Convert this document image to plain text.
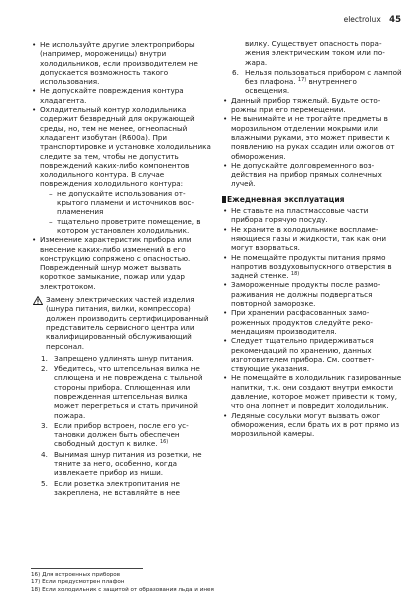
electrolux 45
• Не используйте другие электроприборы (например, мороженицы) внутри холодильников, если производителем не допускается возможность такого использования.
• Не допускайте повреждения контура хладагента.
• Охладительный контур холодильника содержит безвредный для окружающей среды, но, тем не менее, огнеопасный хладагент изобутан (R600a). При транспортировке и установке холодильника следите за тем, чтобы не допустить повреждений каких-либо компонентов холодильного контура. В случае повреждения холодильного контура:
– не допускайте использования открытого пламени и источников воспламенения
– тщательно проветрите помещение, в котором установлен холодильник.
• Изменение характеристик прибора или внесение каких-либо изменений в его конструкцию сопряжено с опасностью. Поврежденный шнур может вызвать короткое замыкание, пожар или удар электротоком.
Замену электрических частей изделия (шнура питания, вилки, компрессора) должен производить сертифицированный представитель сервисного центра или квалифицированный обслуживающий персонал.
1. Запрещено удлинять шнур питания.
2. Убедитесь, что штепсельная вилка не сплющена и не повреждена с тыльной стороны прибора. Сплющенная или поврежденная штепсельная вилка может перегреться и стать причиной пожара.
3. Если прибор встроен, после его установки должен быть обеспечен свободный доступ к вилке. $^{16)}$
4. Вынимая шнур питания из розетки, не тяните за него, особенно, когда извлекаете прибор из ниши.
5. Если розетка электропитания не закреплена, не вставляйте в нее

вилку. Существует опасность поражения электрическим током или пожара.

6. Нельзя пользоваться прибором с лампой без плафона. $^{17)}$ внутреннего освещения.
• Данный прибор тяжелый. Будьте осторожны при его перемещении.
• Не вынимайте и не трогайте предметы в морозильном отделении мокрыми или влажными руками, это может привести к появлению на руках ссадин или ожогов от обморожения.
• Не допускайте долговременного воздействия на прибор прямых солнечных лучей.
Ежедневная эксплуатация
• Не ставьте на пластмассовые части прибора горячую посуду.
• Не храните в холодильнике воспламеняющиеся газы и жидкости, так как они могут взорваться.
• Не помещайте продукты питания прямо напротив воздуховыпускного отверстия в задней стенке. $^{18)}$
• Замороженные продукты после размораживания не должны подвергаться повторной заморозке.
• При хранении расфасованных замороженных продуктов следуйте рекомендациям производителя.
• Следует тщательно придерживаться рекомендаций по хранению, данных изготовителем прибора. См. соответствующие указания.
• Не помещайте в холодильник газированные напитки, т.к. они создают внутри емкости давление, которое может привести к тому, что она лопнет и повредит холодильник.
• Ледяные сосульки могут вызвать ожог обморожения, если брать их в рот прямо из морозильной камеры.
16) Для встроенных приборов
17) Если предусмотрен плафон
18) Если холодильник с защитой от образования льда и инея
